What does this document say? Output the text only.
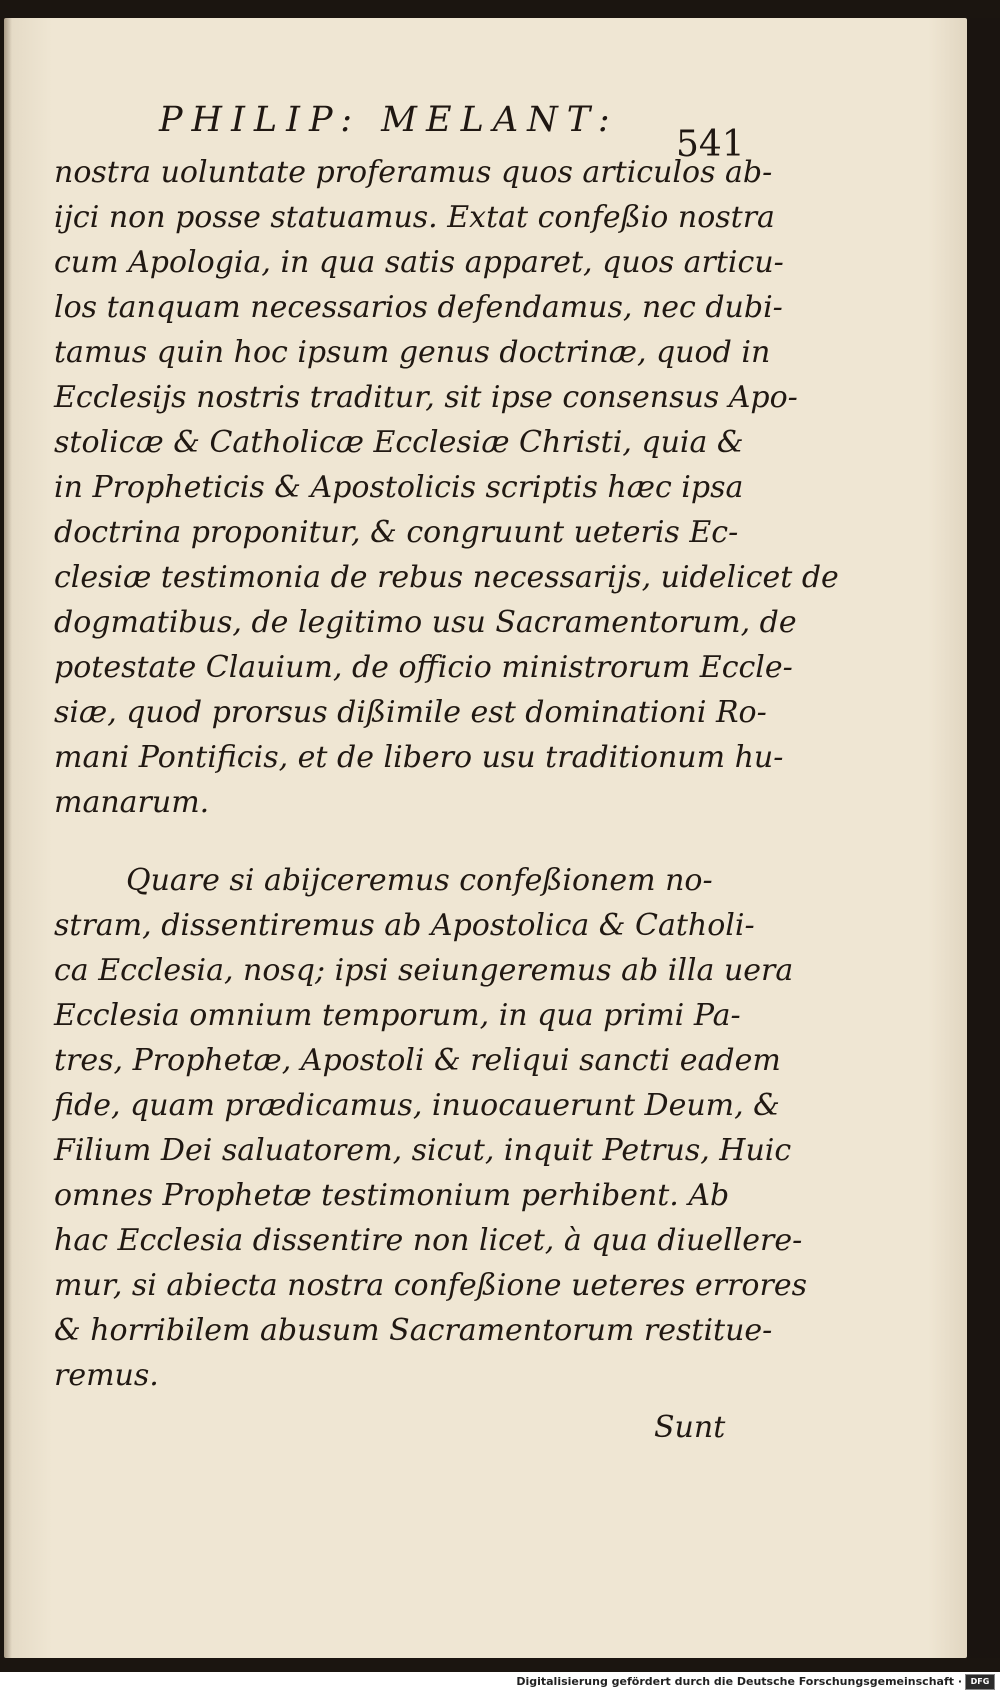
PHILIP: MELANT:
541
nostra uoluntate proferamus quos articulos ab-
ijci non posse statuamus. Extat confeßio nostra
cum Apologia, in qua satis apparet, quos articu-
los tanquam necessarios defendamus, nec dubi-
tamus quin hoc ipsum genus doctrinæ, quod in
Ecclesijs nostris traditur, sit ipse consensus Apo-
stolicæ & Catholicæ Ecclesiæ Christi, quia &
in Propheticis & Apostolicis scriptis hæc ipsa
doctrina proponitur, & congruunt ueteris Ec-
clesiæ testimonia de rebus necessarijs, uidelicet de
dogmatibus, de legitimo usu Sacramentorum, de
potestate Clauium, de officio ministrorum Eccle-
siæ, quod prorsus dißimile est dominationi Ro-
mani Pontificis, et de libero usu traditionum hu-
manarum.
Quare si abijceremus confeßionem no-
stram, dissentiremus ab Apostolica & Catholi-
ca Ecclesia, nosq; ipsi seiungeremus ab illa uera
Ecclesia omnium temporum, in qua primi Pa-
tres, Prophetæ, Apostoli & reliqui sancti eadem
fide, quam prædicamus, inuocauerunt Deum, &
Filium Dei saluatorem, sicut, inquit Petrus, Huic
omnes Prophetæ testimonium perhibent. Ab
hac Ecclesia dissentire non licet, à qua diuellere-
mur, si abiecta nostra confeßione ueteres errores
& horribilem abusum Sacramentorum restitue-
remus.
Sunt
Digitalisierung gefördert durch die Deutsche Forschungsgemeinschaft ·	DFG
